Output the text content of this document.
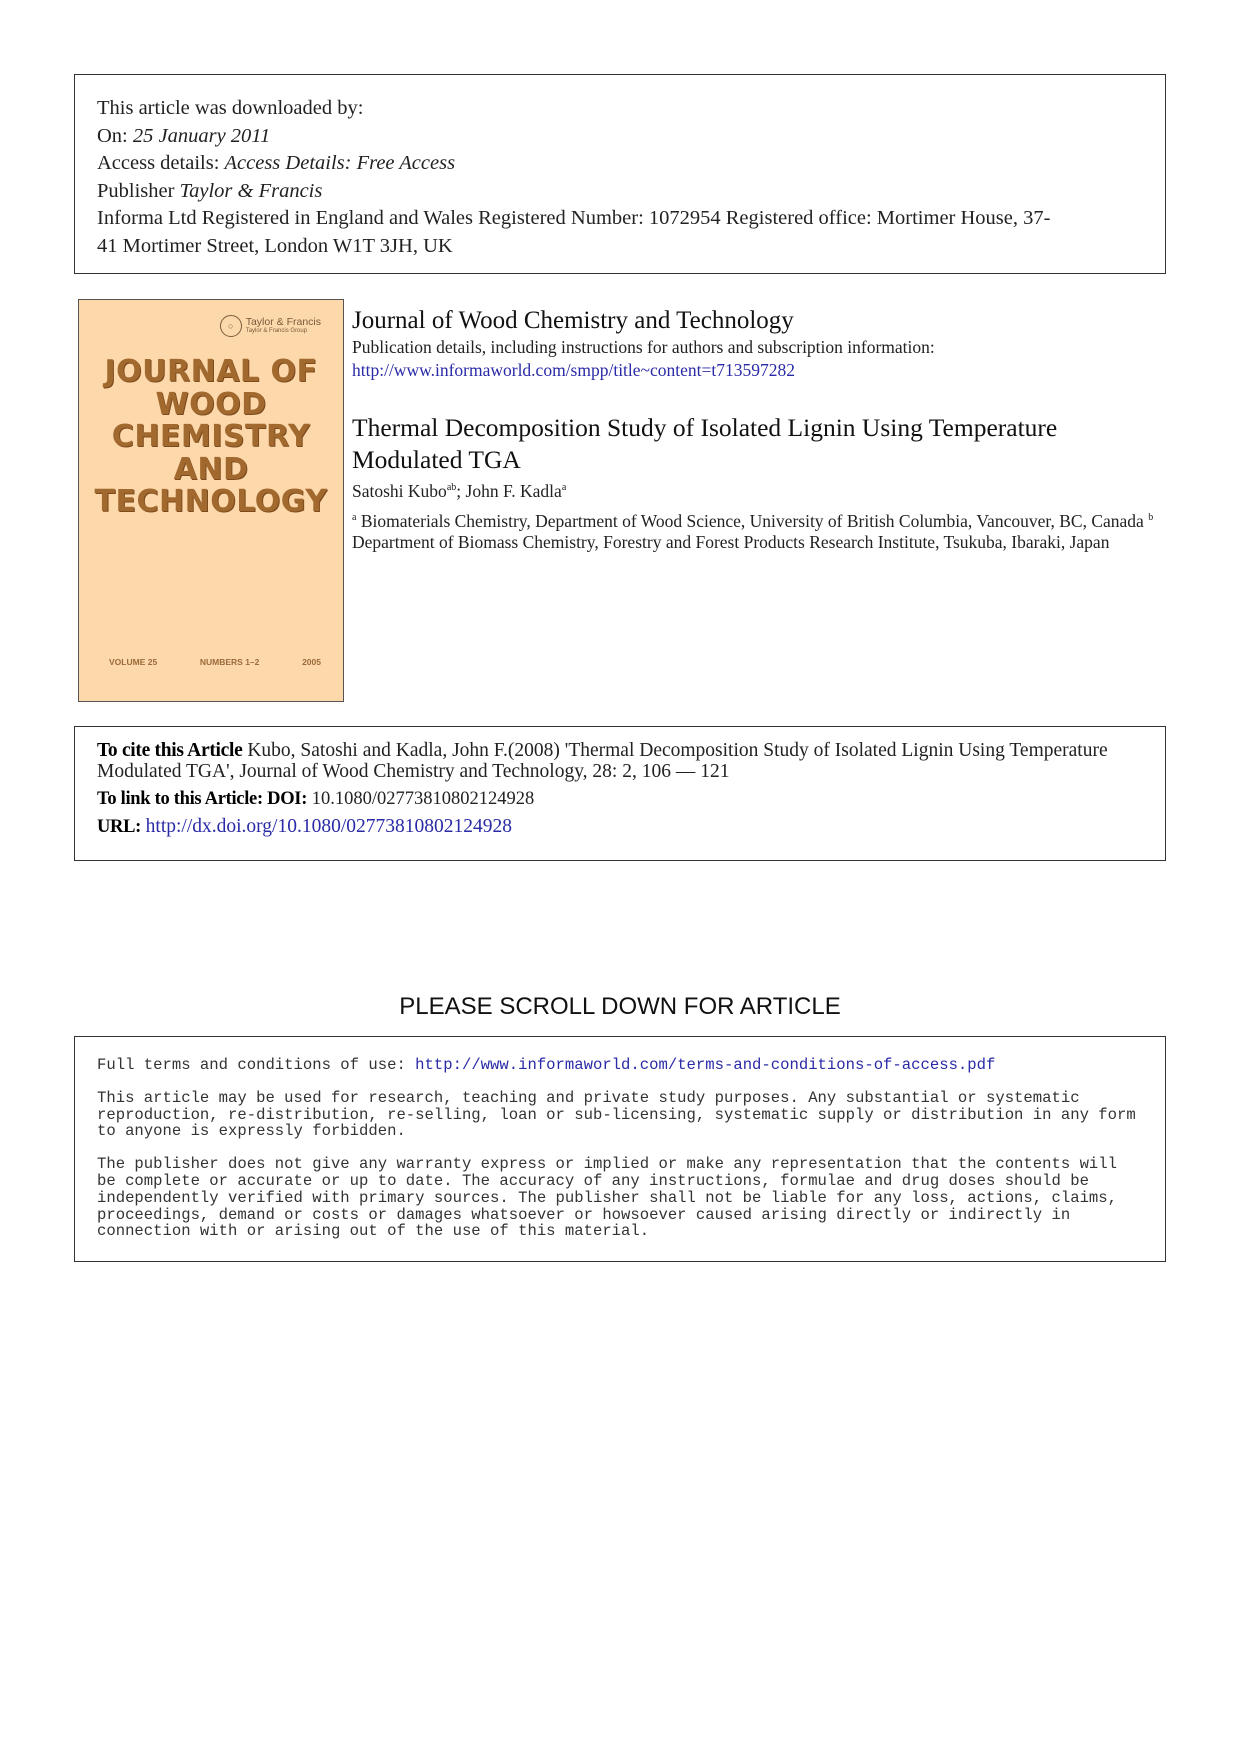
This article was downloaded by:
On: 25 January 2011
Access details: Access Details: Free Access
Publisher Taylor & Francis
Informa Ltd Registered in England and Wales Registered Number: 1072954 Registered office: Mortimer House, 37-
41 Mortimer Street, London W1T 3JH, UK
○	Taylor & Francis
Taylor & Francis Group
JOURNAL OF
WOOD
CHEMISTRY
AND
TECHNOLOGY
VOLUME 25	NUMBERS 1–2	2005
Journal of Wood Chemistry and Technology
Publication details, including instructions for authors and subscription information:
http://www.informaworld.com/smpp/title~content=t713597282
Thermal Decomposition Study of Isolated Lignin Using Temperature Modulated TGA
Satoshi Kubo$^{ab}$; John F. Kadla$^a$
$^a$ Biomaterials Chemistry, Department of Wood Science, University of British Columbia, Vancouver, BC, Canada $^b$ Department of Biomass Chemistry, Forestry and Forest Products Research Institute, Tsukuba, Ibaraki, Japan
To cite this Article Kubo, Satoshi and Kadla, John F.(2008) 'Thermal Decomposition Study of Isolated Lignin Using Temperature Modulated TGA', Journal of Wood Chemistry and Technology, 28: 2, 106 — 121
To link to this Article: DOI: 10.1080/02773810802124928
URL: http://dx.doi.org/10.1080/02773810802124928
PLEASE SCROLL DOWN FOR ARTICLE

Full terms and conditions of use: http://www.informaworld.com/terms-and-conditions-of-access.pdf

This article may be used for research, teaching and private study purposes. Any substantial or systematic reproduction, re-distribution, re-selling, loan or sub-licensing, systematic supply or distribution in any form to anyone is expressly forbidden.

The publisher does not give any warranty express or implied or make any representation that the contents will be complete or accurate or up to date. The accuracy of any instructions, formulae and drug doses should be independently verified with primary sources. The publisher shall not be liable for any loss, actions, claims, proceedings, demand or costs or damages whatsoever or howsoever caused arising directly or indirectly in connection with or arising out of the use of this material.
